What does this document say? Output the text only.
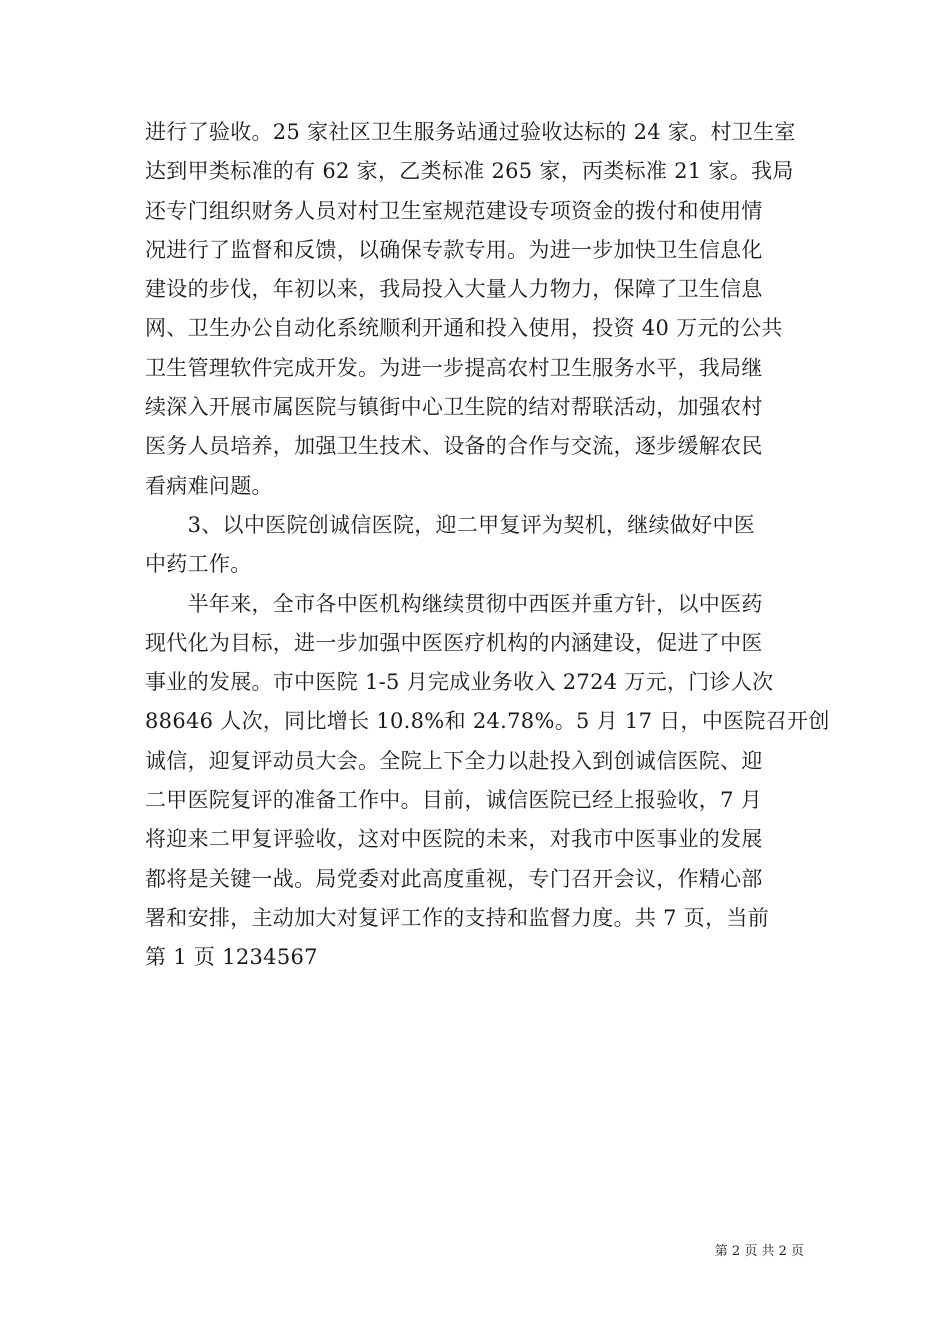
进行了验收。25 家社区卫生服务站通过验收达标的 24 家。村卫生室
达到甲类标准的有 62 家，乙类标准 265 家，丙类标准 21 家。我局
还专门组织财务人员对村卫生室规范建设专项资金的拨付和使用情
况进行了监督和反馈，以确保专款专用。为进一步加快卫生信息化
建设的步伐，年初以来，我局投入大量人力物力，保障了卫生信息
网、卫生办公自动化系统顺利开通和投入使用，投资 40 万元的公共
卫生管理软件完成开发。为进一步提高农村卫生服务水平，我局继
续深入开展市属医院与镇街中心卫生院的结对帮联活动，加强农村
医务人员培养，加强卫生技术、设备的合作与交流，逐步缓解农民
看病难问题。
　　3、以中医院创诚信医院，迎二甲复评为契机，继续做好中医
中药工作。
　　半年来，全市各中医机构继续贯彻中西医并重方针，以中医药
现代化为目标，进一步加强中医医疗机构的内涵建设，促进了中医
事业的发展。市中医院 1-5 月完成业务收入 2724 万元，门诊人次
88646 人次，同比增长 10.8%和 24.78%。5 月 17 日，中医院召开创
诚信，迎复评动员大会。全院上下全力以赴投入到创诚信医院、迎
二甲医院复评的准备工作中。目前，诚信医院已经上报验收，7 月
将迎来二甲复评验收，这对中医院的未来，对我市中医事业的发展
都将是关键一战。局党委对此高度重视，专门召开会议，作精心部
署和安排，主动加大对复评工作的支持和监督力度。共 7 页，当前
第 1 页 1234567
第 2 页 共 2 页
